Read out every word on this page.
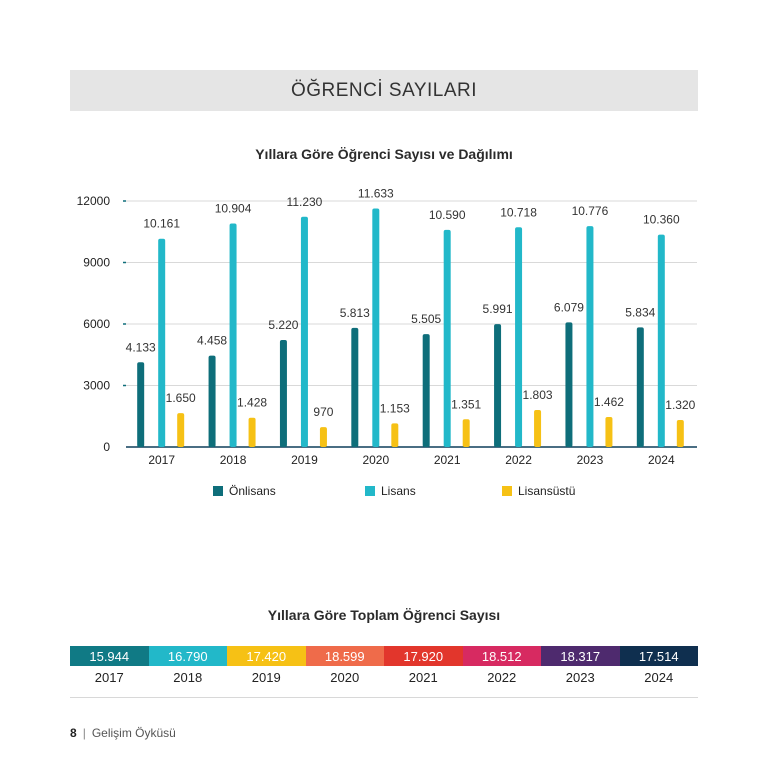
ÖĞRENCİ SAYILARI
Yıllara Göre Öğrenci Sayısı ve Dağılımı
0
3000
6000
9000
12000
2017
4.133
10.161
1.650
2018
4.458
10.904
1.428
2019
5.220
11.230
970
2020
5.813
11.633
1.153
2021
5.505
10.590
1.351
2022
5.991
10.718
1.803
2023
6.079
10.776
1.462
2024
5.834
10.360
1.320
Önlisans	Lisans	Lisansüstü
Yıllara Göre Toplam Öğrenci Sayısı
15.944	16.790	17.420	18.599	17.920	18.512	18.317	17.514
2017	2018	2019	2020	2021	2022	2023	2024
8 | Gelişim Öyküsü
